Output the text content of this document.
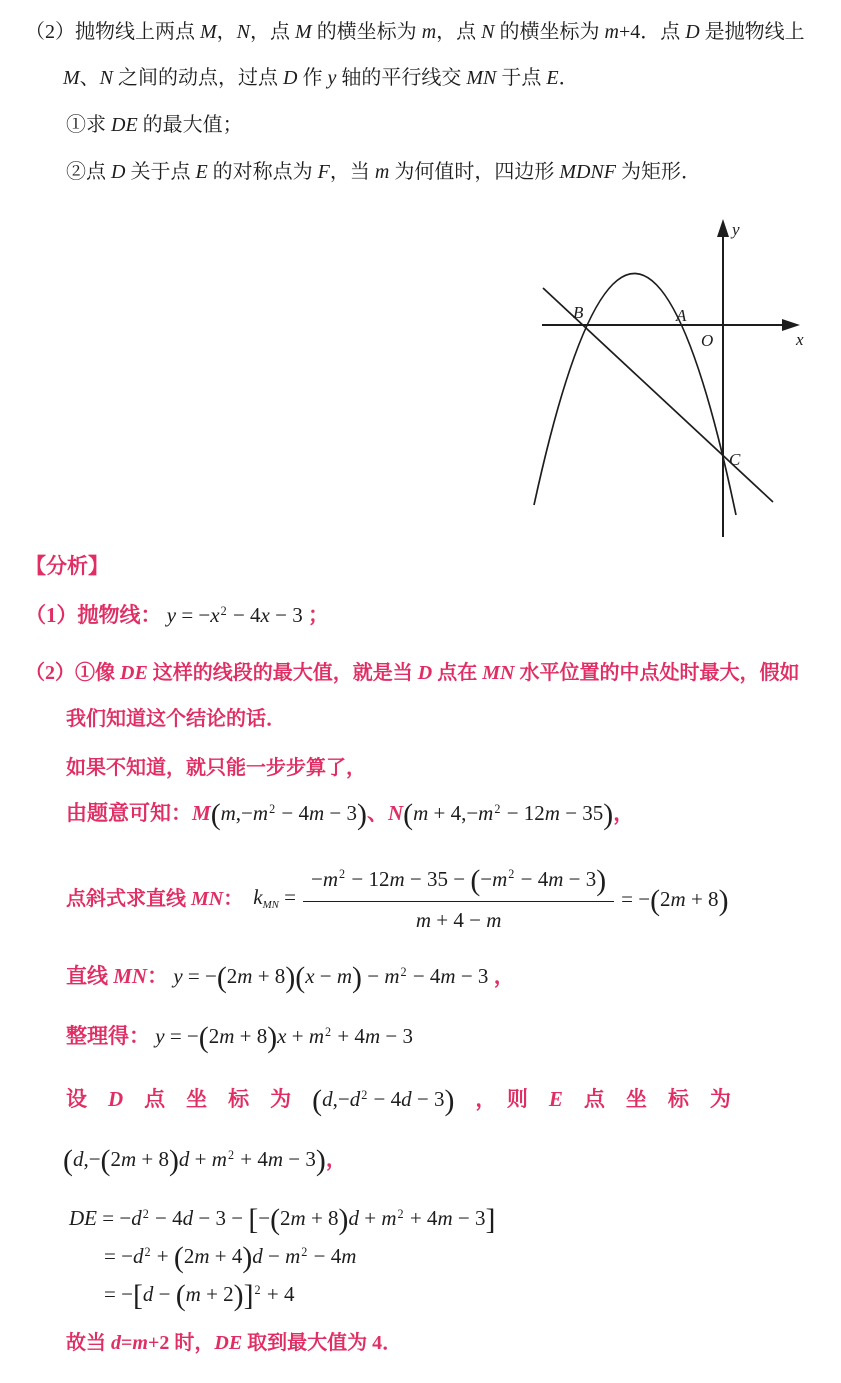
（2）抛物线上两点 M，N，点 M 的横坐标为 m，点 N 的横坐标为 m+4．点 D 是抛物线上
M、N 之间的动点，过点 D 作 y 轴的平行线交 MN 于点 E．
①求 DE 的最大值；
②点 D 关于点 E 的对称点为 F，当 m 为何值时，四边形 MDNF 为矩形．
y
x
O
A
B
C
【分析】
（1）抛物线： $y = -x^2 - 4x - 3$ ；
（2）①像 DE 这样的线段的最大值，就是当 D 点在 MN 水平位置的中点处时最大，假如
我们知道这个结论的话．
如果不知道，就只能一步步算了，
由题意可知：$M(m,-m^2 - 4m - 3)$、$N(m + 4,-m^2 - 12m - 35)$，
点斜式求直线 MN： $k_{MN} = \frac{-m^2 - 12m - 35 - (-m^2 - 4m - 3)}{m + 4 - m} = -(2m + 8)$
直线 MN： $y = -(2m + 8)(x - m) - m^2 - 4m - 3$ ，
整理得： $y = -(2m + 8)x + m^2 + 4m - 3$
设　D　点　坐　标　为　$(d,-d^2 - 4d - 3)$　，　则　E　点　坐　标　为
$(d,-(2m + 8)d + m^2 + 4m - 3)$，
DE = $-d^2 - 4d - 3 - [-(2m + 8)d + m^2 + 4m - 3]$
= $-d^2 + (2m + 4)d - m^2 - 4m$
= $-[d - (m + 2)]^2 + 4$
故当 d=m+2 时，DE 取到最大值为 4．
